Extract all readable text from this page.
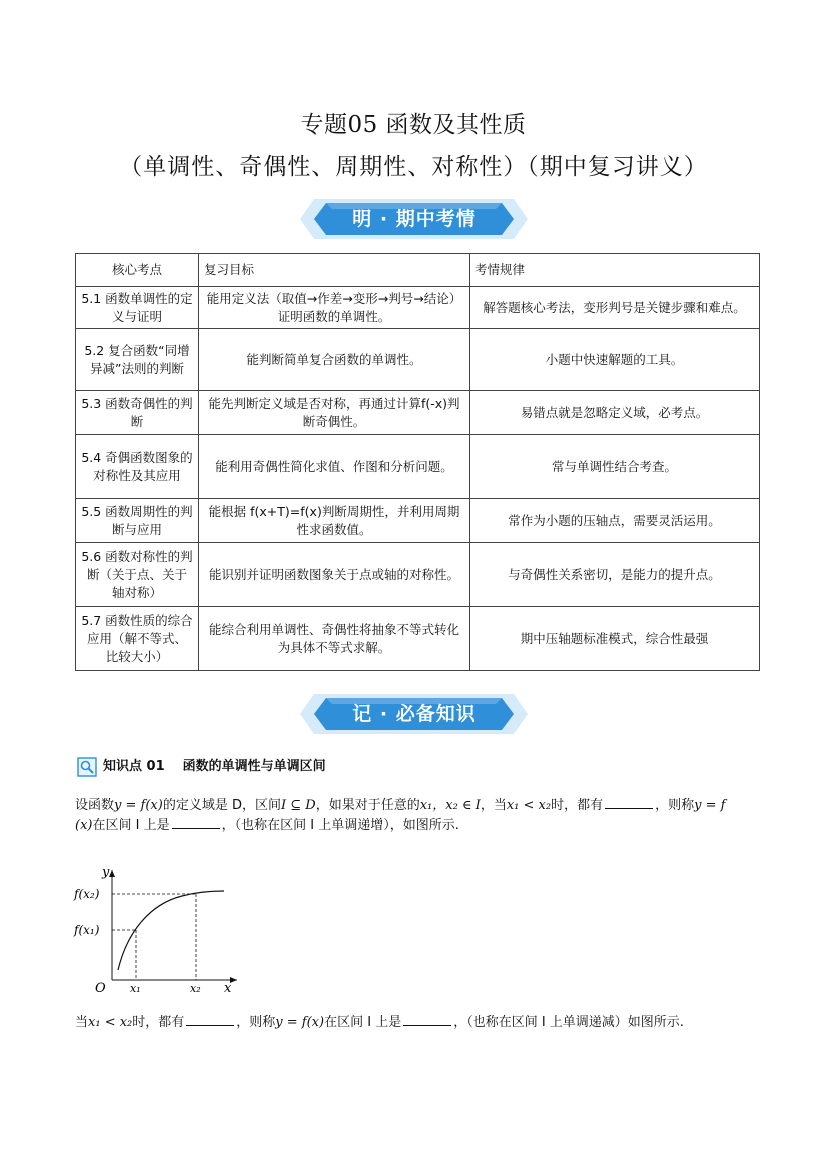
专题05 函数及其性质
（单调性、奇偶性、周期性、对称性）（期中复习讲义）
明 · 期中考情
核心考点	复习目标	考情规律
5.1 函数单调性的定义与证明	能用定义法（取值→作差→变形→判号→结论）证明函数的单调性。	解答题核心考法，变形判号是关键步骤和难点。
5.2 复合函数“同增异减”法则的判断	能判断简单复合函数的单调性。	小题中快速解题的工具。
5.3 函数奇偶性的判断	能先判断定义域是否对称，再通过计算f(-x)判断奇偶性。	易错点就是忽略定义域，必考点。
5.4 奇偶函数图象的对称性及其应用	能利用奇偶性简化求值、作图和分析问题。	常与单调性结合考查。
5.5 函数周期性的判断与应用	能根据 f(x+T)=f(x)判断周期性，并利用周期性求函数值。	常作为小题的压轴点，需要灵活运用。
5.6 函数对称性的判断（关于点、关于轴对称）	能识别并证明函数图象关于点或轴的对称性。	与奇偶性关系密切，是能力的提升点。
5.7 函数性质的综合应用（解不等式、比较大小）	能综合利用单调性、奇偶性将抽象不等式转化为具体不等式求解。	期中压轴题标准模式，综合性最强
记 · 必备知识
知识点 01 函数的单调性与单调区间
设函数y = f(x)的定义域是 D，区间I ⊆ D，如果对于任意的x₁，x₂ ∈ I，当x₁ < x₂时，都有	，则称y = f
(x)在区间 I 上是	，（也称在区间 I 上单调递增），如图所示.
y
x
O
f(x₂)
f(x₁)
x₁	x₂
当x₁ < x₂时，都有	，则称y = f(x)在区间 I 上是	，（也称在区间 I 上单调递减）如图所示.
